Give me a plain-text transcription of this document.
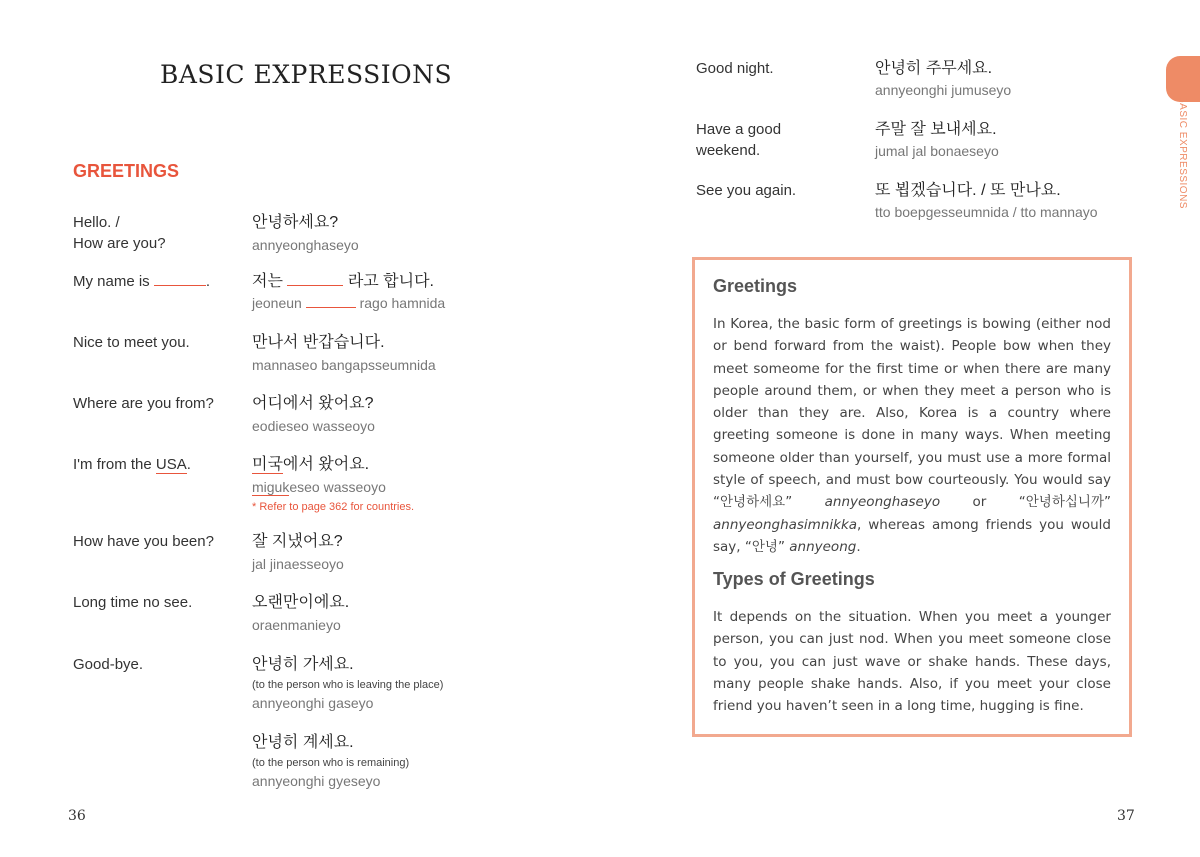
BASIC EXPRESSIONS
GREETINGS
Hello. /
How are you?
안녕하세요?
annyeonghaseyo
My name is	.	저는	라고 합니다.
jeoneun	rago hamnida
Nice to meet you.	만나서 반갑습니다.
mannaseo bangapsseumnida
Where are you from? 어디에서 왔어요?
eodieseo wasseoyo
I'm from the USA.	미국에서 왔어요.
migukeseo wasseoyo
* Refer to page 362 for countries.
How have you been? 잘 지냈어요?
jal jinaesseoyo
Long time no see.	오랜만이에요.
oraenmanieyo
Good-bye.	안녕히 가세요.
(to the person who is leaving the place)
annyeonghi gaseyo
안녕히 계세요.
(to the person who is remaining)
annyeonghi gyeseyo
36
Good night.	안녕히 주무세요.
annyeonghi jumuseyo
Have a good
weekend.
주말 잘 보내세요.
jumal jal bonaeseyo
See you again.	또 뵙겠습니다. / 또 만나요.
tto boepgesseumnida / tto mannayo
BASIC EXPRESSIONS
Greetings
In Korea, the basic form of greetings is bowing (either nod or bend forward from the waist). People bow when they meet someome for the first time or when there are many people around them, or when they meet a person who is older than they are. Also, Korea is a country where greeting someone is done in many ways. When meeting someone older than yourself, you must use a more formal style of speech, and must bow courteously. You would say “안녕하세요” annyeonghaseyo or “안녕하십니까” annyeonghasimnikka, whereas among friends you would say, “안녕” annyeong.
Types of Greetings
It depends on the situation. When you meet a younger person, you can just nod. When you meet someone close to you, you can just wave or shake hands. These days, many people shake hands. Also, if you meet your close friend you haven’t seen in a long time, hugging is fine.
37
